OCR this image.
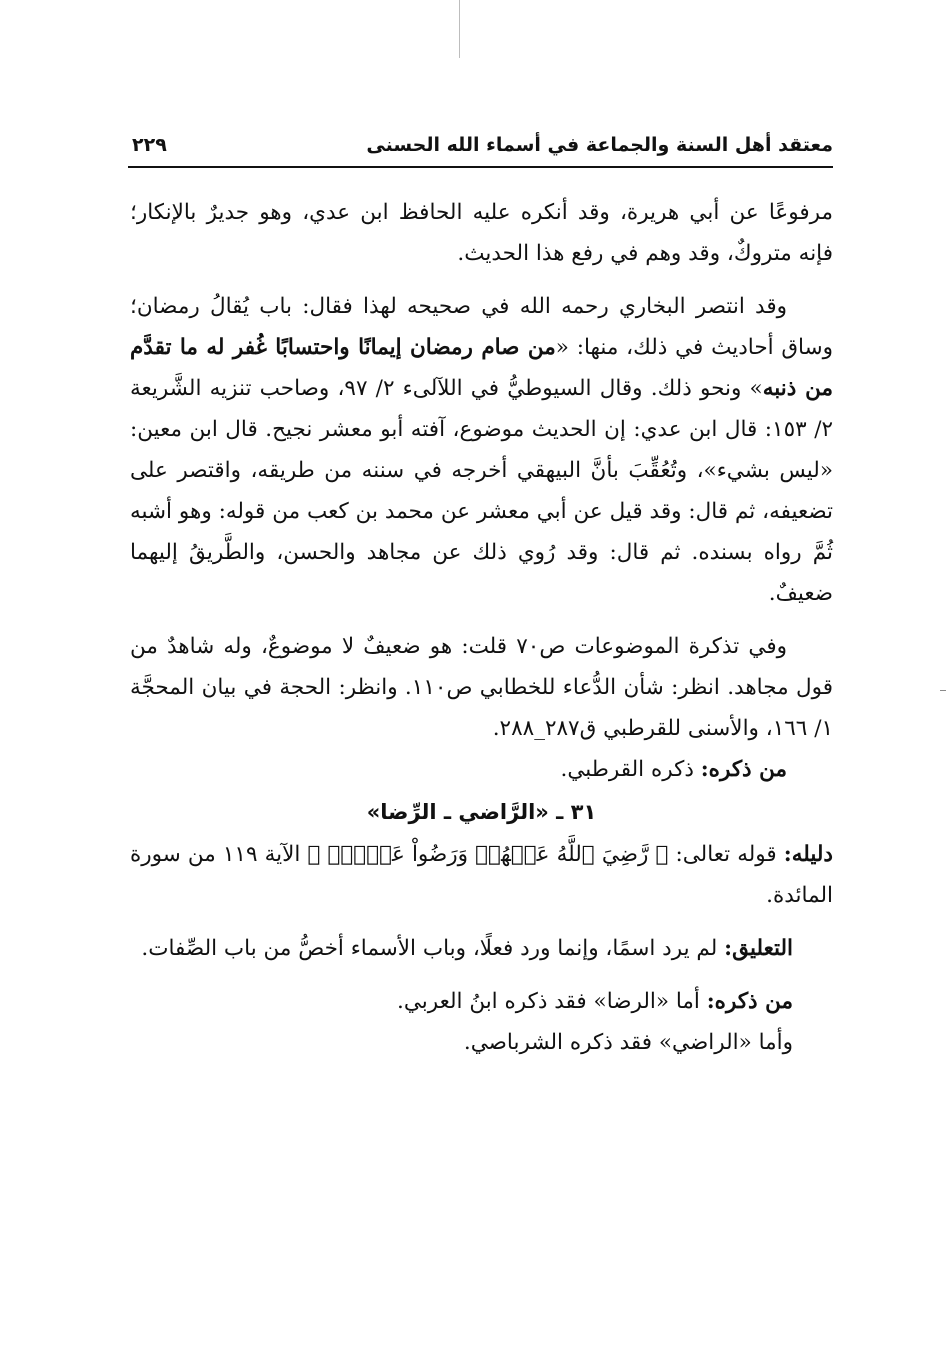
معتقد أهل السنة والجماعة في أسماء الله الحسنى
٢٢٩

مرفوعًا عن أبي هريرة، وقد أنكره عليه الحافظ ابن عدي، وهو جديرٌ بالإنكار؛ فإنه متروكٌ، وقد وهم في رفع هذا الحديث.

وقد انتصر البخاري رحمه الله في صحيحه لهذا فقال: باب يُقالُ رمضان؛ وساق أحاديث في ذلك، منها: «من صام رمضان إيمانًا واحتسابًا غُفر له ما تقدَّم من ذنبه» ونحو ذلك. وقال السيوطيُّ في اللآلىء ٢/ ٩٧، وصاحب تنزيه الشَّريعة ٢/ ١٥٣: قال ابن عدي: إن الحديث موضوع، آفته أبو معشر نجيح. قال ابن معين: «ليس بشيء»، وتُعُقِّبَ بأنَّ البيهقي أخرجه في سننه من طريقه، واقتصر على تضعيفه، ثم قال: وقد قيل عن أبي معشر عن محمد بن كعب من قوله: وهو أشبه ثُمَّ رواه بسنده. ثم قال: وقد رُوي ذلك عن مجاهد والحسن، والطَّريقُ إليهما ضعيفٌ.

وفي تذكرة الموضوعات ص٧٠ قلت: هو ضعيفٌ لا موضوعٌ، وله شاهدٌ من قول مجاهد. انظر: شأن الدُّعاء للخطابي ص١١٠. وانظر: الحجة في بيان المحجَّة ١/ ١٦٦، والأسنى للقرطبي ق٢٨٧_٢٨٨.

من ذكره: ذكره القرطبي.

٣١ ـ «الرَّاضي ـ الرِّضا»

دليله: قوله تعالى: ﴿ رَّضِيَ ٱللَّهُ عَنۡهُمۡ وَرَضُواْ عَنۡهُۚ ﴾ الآية ١١٩ من سورة المائدة.

التعليق: لم يرد اسمًا، وإنما ورد فعلًا، وباب الأسماء أخصُّ من باب الصِّفات.

من ذكره: أما «الرضا» فقد ذكره ابنُ العربي.

وأما «الراضي» فقد ذكره الشرباصي.
